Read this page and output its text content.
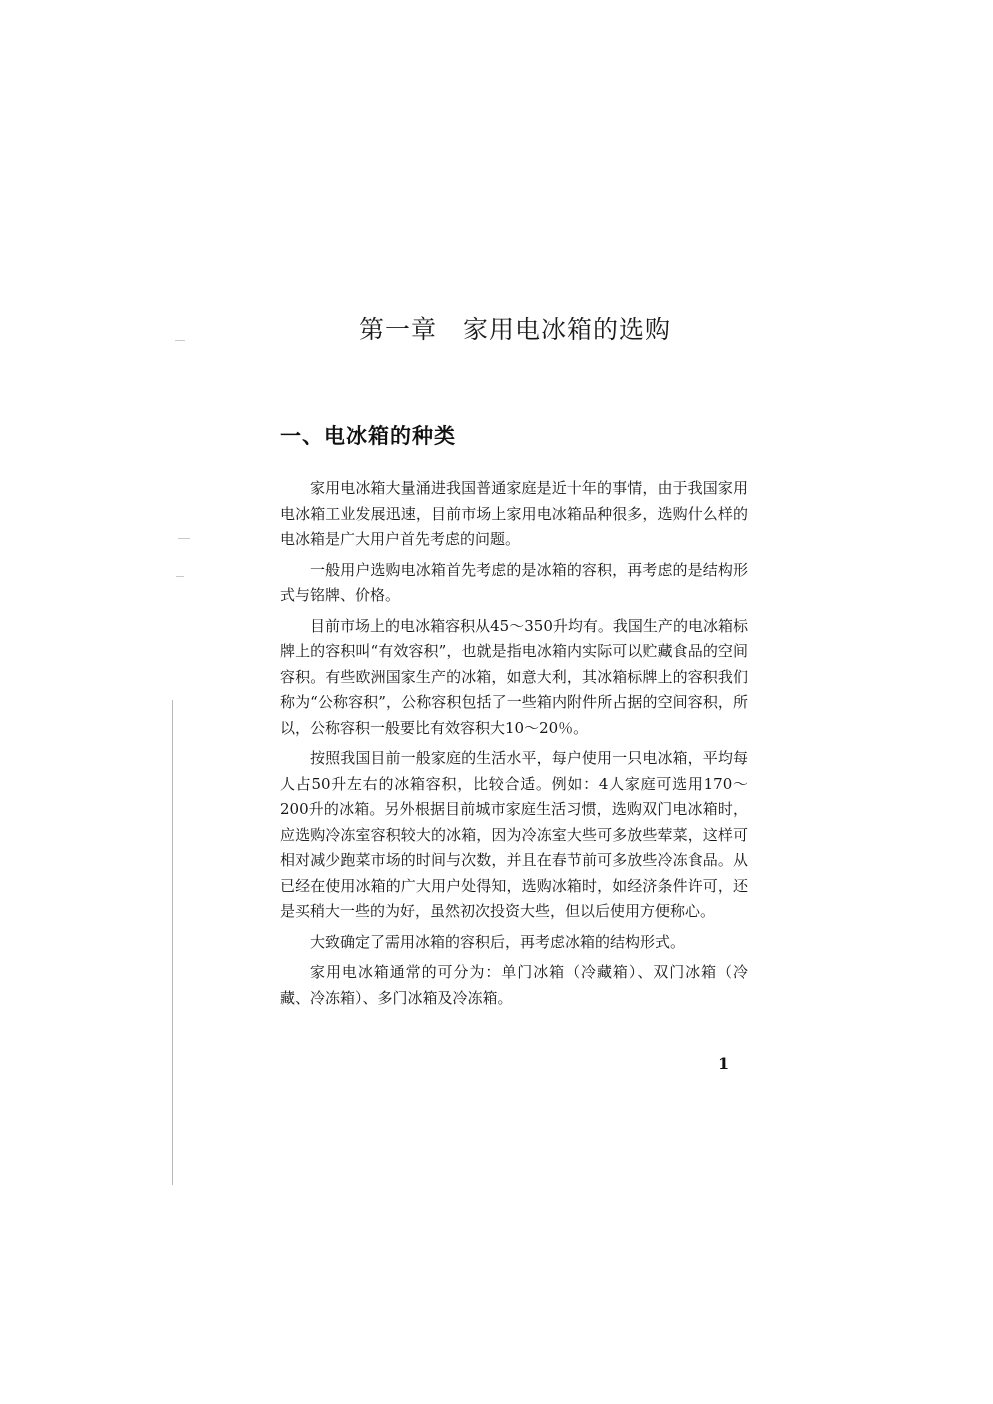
第一章　家用电冰箱的选购
一、电冰箱的种类

家用电冰箱大量涌进我国普通家庭是近十年的事情，由于我国家用电冰箱工业发展迅速，目前市场上家用电冰箱品种很多，选购什么样的电冰箱是广大用户首先考虑的问题。

一般用户选购电冰箱首先考虑的是冰箱的容积，再考虑的是结构形式与铭牌、价格。

目前市场上的电冰箱容积从45～350升均有。我国生产的电冰箱标牌上的容积叫“有效容积”，也就是指电冰箱内实际可以贮藏食品的空间容积。有些欧洲国家生产的冰箱，如意大利，其冰箱标牌上的容积我们称为“公称容积”，公称容积包括了一些箱内附件所占据的空间容积，所以，公称容积一般要比有效容积大10～20％。

按照我国目前一般家庭的生活水平，每户使用一只电冰箱，平均每人占50升左右的冰箱容积，比较合适。例如：4人家庭可选用170～200升的冰箱。另外根据目前城市家庭生活习惯，选购双门电冰箱时，应选购冷冻室容积较大的冰箱，因为冷冻室大些可多放些荤菜，这样可相对减少跑菜市场的时间与次数，并且在春节前可多放些冷冻食品。从已经在使用冰箱的广大用户处得知，选购冰箱时，如经济条件许可，还是买稍大一些的为好，虽然初次投资大些，但以后使用方便称心。

大致确定了需用冰箱的容积后，再考虑冰箱的结构形式。

家用电冰箱通常的可分为：单门冰箱（冷藏箱）、双门冰箱（冷藏、冷冻箱）、多门冰箱及冷冻箱。

1
